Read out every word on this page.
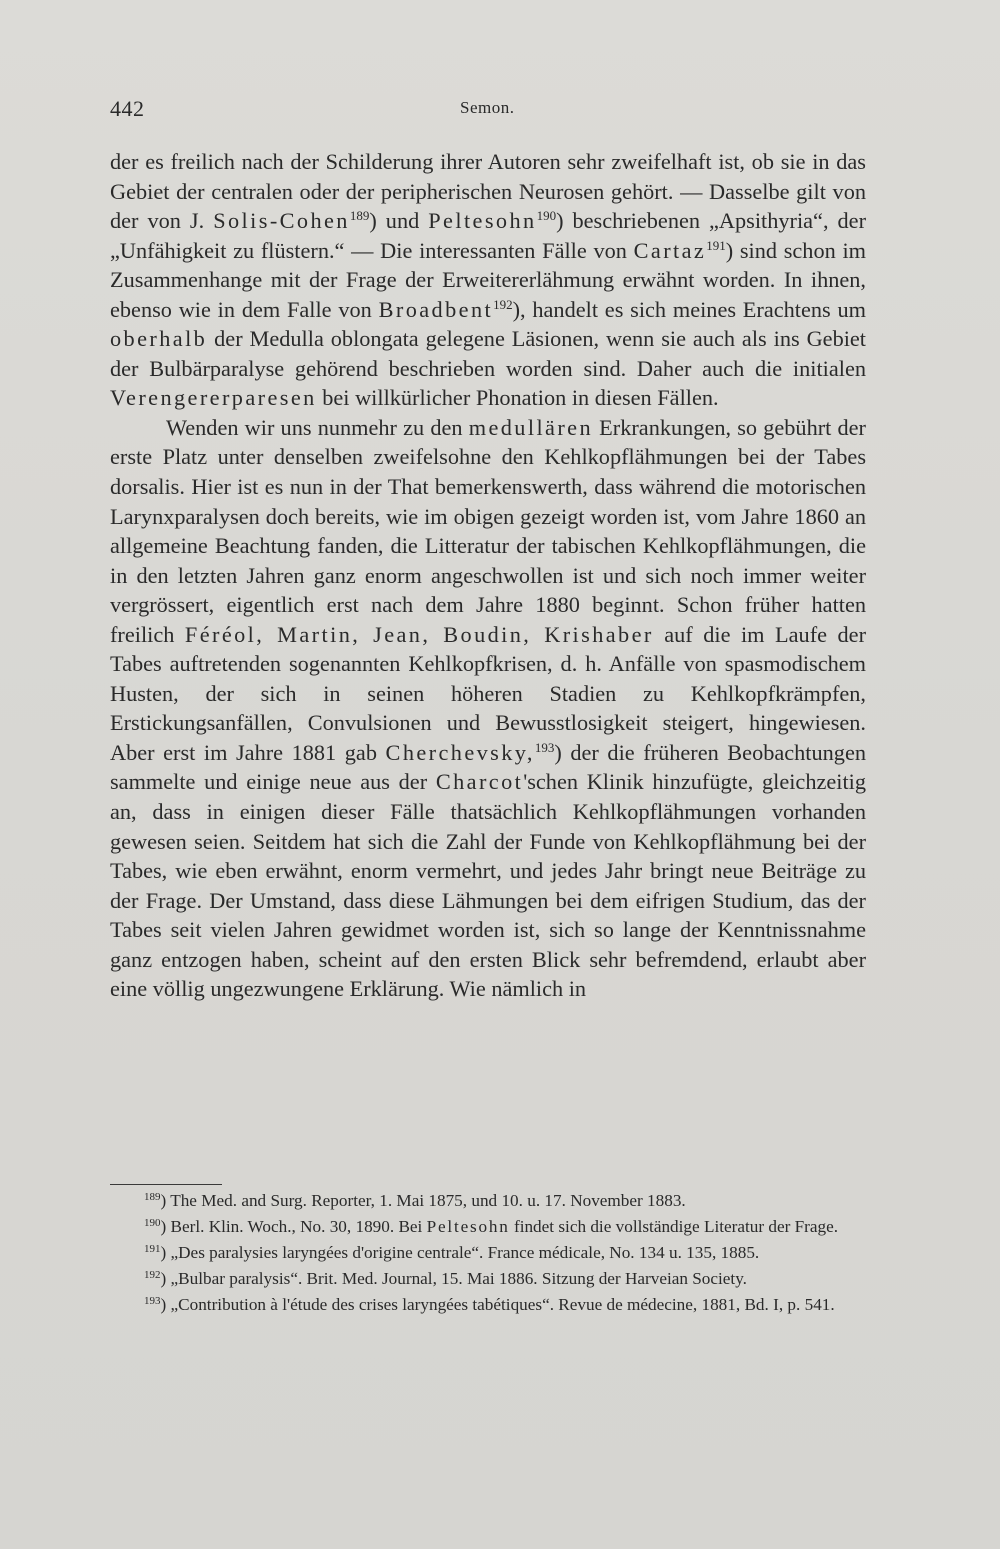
442	Semon.

der es freilich nach der Schilderung ihrer Autoren sehr zweifelhaft ist, ob sie in das Gebiet der centralen oder der peripherischen Neurosen gehört. — Dasselbe gilt von der von J. Solis-Cohen$^{189}$) und Peltesohn$^{190}$) beschriebenen „Apsithyria“, der „Unfähigkeit zu flüstern.“ — Die interessanten Fälle von Cartaz$^{191}$) sind schon im Zusammenhange mit der Frage der Erweitererlähmung erwähnt worden. In ihnen, ebenso wie in dem Falle von Broadbent$^{192}$), handelt es sich meines Erachtens um oberhalb der Medulla oblongata gelegene Läsionen, wenn sie auch als ins Gebiet der Bulbärparalyse gehörend beschrieben worden sind. Daher auch die initialen Verengererparesen bei willkürlicher Phonation in diesen Fällen.

Wenden wir uns nunmehr zu den medullären Erkrankungen, so gebührt der erste Platz unter denselben zweifelsohne den Kehlkopflähmungen bei der Tabes dorsalis. Hier ist es nun in der That bemerkenswerth, dass während die motorischen Larynxparalysen doch bereits, wie im obigen gezeigt worden ist, vom Jahre 1860 an allgemeine Beachtung fanden, die Litteratur der tabischen Kehlkopflähmungen, die in den letzten Jahren ganz enorm angeschwollen ist und sich noch immer weiter vergrössert, eigentlich erst nach dem Jahre 1880 beginnt. Schon früher hatten freilich Féréol, Martin, Jean, Boudin, Krishaber auf die im Laufe der Tabes auftretenden sogenannten Kehlkopfkrisen, d. h. Anfälle von spasmodischem Husten, der sich in seinen höheren Stadien zu Kehlkopfkrämpfen, Erstickungsanfällen, Convulsionen und Bewusstlosigkeit steigert, hingewiesen. Aber erst im Jahre 1881 gab Cherchevsky,$^{193}$) der die früheren Beobachtungen sammelte und einige neue aus der Charcot'schen Klinik hinzufügte, gleichzeitig an, dass in einigen dieser Fälle thatsächlich Kehlkopflähmungen vorhanden gewesen seien. Seitdem hat sich die Zahl der Funde von Kehlkopflähmung bei der Tabes, wie eben erwähnt, enorm vermehrt, und jedes Jahr bringt neue Beiträge zu der Frage. Der Umstand, dass diese Lähmungen bei dem eifrigen Studium, das der Tabes seit vielen Jahren gewidmet worden ist, sich so lange der Kenntnissnahme ganz entzogen haben, scheint auf den ersten Blick sehr befremdend, erlaubt aber eine völlig ungezwungene Erklärung. Wie nämlich in

$^{189}$) The Med. and Surg. Reporter, 1. Mai 1875, und 10. u. 17. November 1883.

$^{190}$) Berl. Klin. Woch., No. 30, 1890. Bei Peltesohn findet sich die vollständige Literatur der Frage.

$^{191}$) „Des paralysies laryngées d'origine centrale“. France médicale, No. 134 u. 135, 1885.

$^{192}$) „Bulbar paralysis“. Brit. Med. Journal, 15. Mai 1886. Sitzung der Harveian Society.

$^{193}$) „Contribution à l'étude des crises laryngées tabétiques“. Revue de médecine, 1881, Bd. I, p. 541.
